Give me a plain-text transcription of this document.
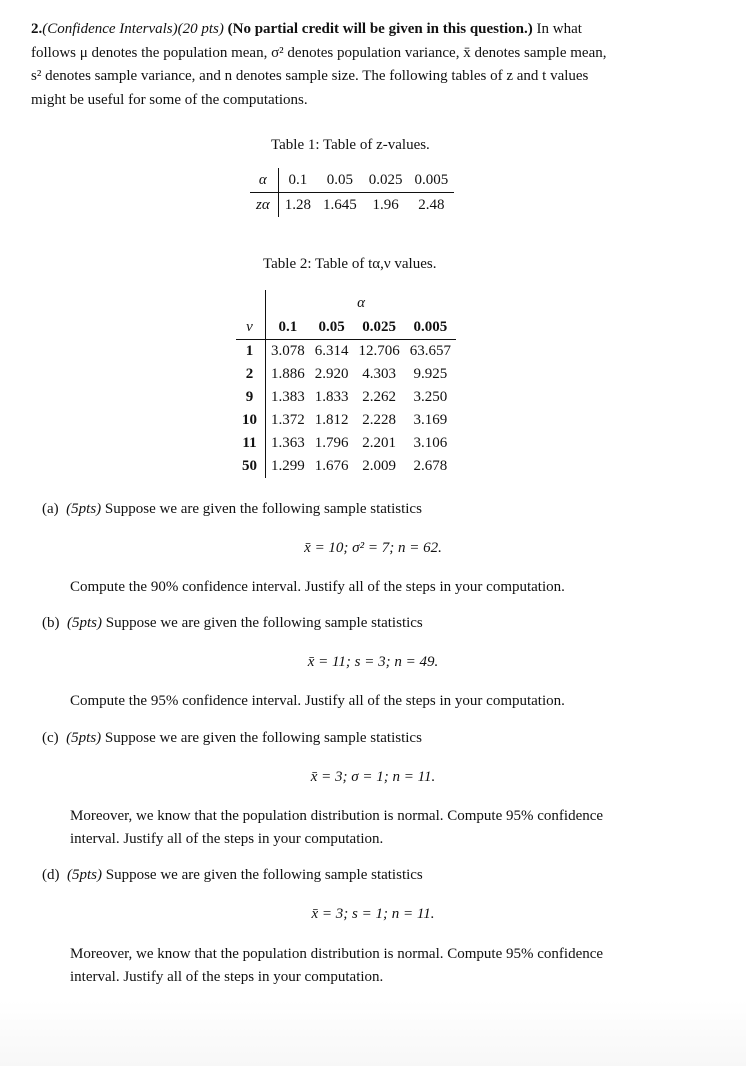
2.(Confidence Intervals)(20 pts) (No partial credit will be given in this question.) In what
follows μ denotes the population mean, σ² denotes population variance, x̄ denotes sample mean,
s² denotes sample variance, and n denotes sample size. The following tables of z and t values
might be useful for some of the computations.
Table 1: Table of z-values.
α	0.1	0.05	0.025	0.005
zα	1.28	1.645	1.96	2.48
Table 2: Table of tα,ν values.
	α			
ν	0.1	0.05	0.025	0.005
1	3.078	6.314	12.706	63.657
2	1.886	2.920	4.303	9.925
9	1.383	1.833	2.262	3.250
10	1.372	1.812	2.228	3.169
11	1.363	1.796	2.201	3.106
50	1.299	1.676	2.009	2.678
(a) (5pts) Suppose we are given the following sample statistics
x̄ = 10; σ² = 7; n = 62.
Compute the 90% confidence interval. Justify all of the steps in your computation.
(b) (5pts) Suppose we are given the following sample statistics
x̄ = 11; s = 3; n = 49.
Compute the 95% confidence interval. Justify all of the steps in your computation.
(c) (5pts) Suppose we are given the following sample statistics
x̄ = 3; σ = 1; n = 11.
Moreover, we know that the population distribution is normal. Compute 95% confidence
interval. Justify all of the steps in your computation.
(d) (5pts) Suppose we are given the following sample statistics
x̄ = 3; s = 1; n = 11.
Moreover, we know that the population distribution is normal. Compute 95% confidence
interval. Justify all of the steps in your computation.
